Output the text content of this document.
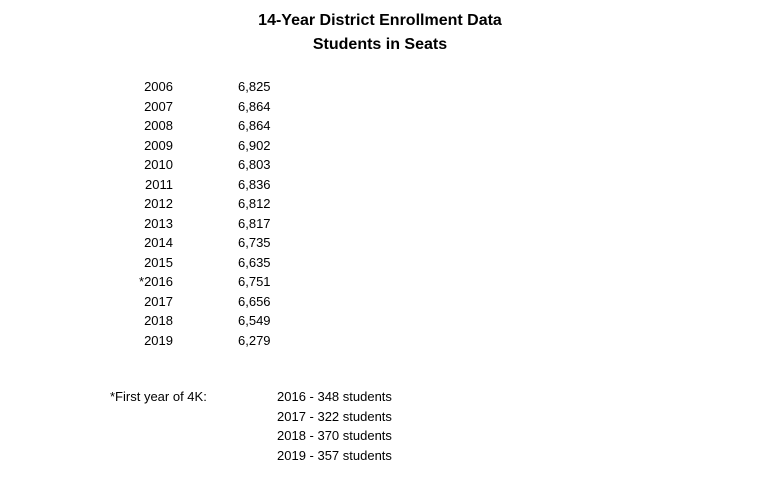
14-Year District Enrollment Data
Students in Seats
2006	6,825
2007	6,864
2008	6,864
2009	6,902
2010	6,803
2011	6,836
2012	6,812
2013	6,817
2014	6,735
2015	6,635
*2016	6,751
2017	6,656
2018	6,549
2019	6,279
*First year of 4K:	2016 - 348 students
2017 - 322 students
2018 - 370 students
2019 - 357 students
